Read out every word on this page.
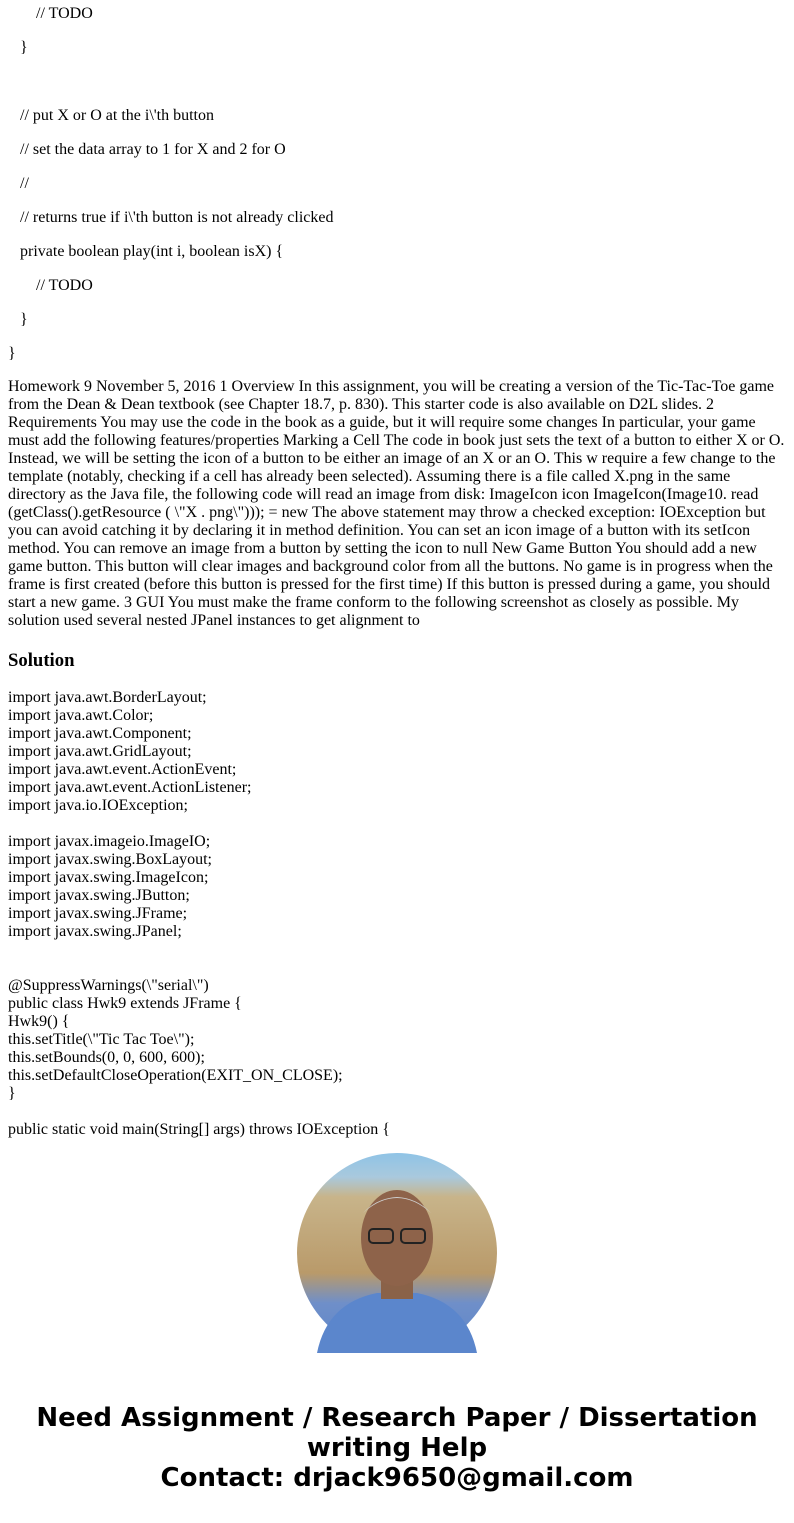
// TODO
}
// put X or O at the i\'th button
// set the data array to 1 for X and 2 for O
//
// returns true if i\'th button is not already clicked
private boolean play(int i, boolean isX) {
// TODO
}
}
Homework 9 November 5, 2016 1 Overview In this assignment, you will be creating a version of the Tic-Tac-Toe game from the Dean & Dean textbook (see Chapter 18.7, p. 830). This starter code is also available on D2L slides. 2 Requirements You may use the code in the book as a guide, but it will require some changes In particular, your game must add the following features/properties Marking a Cell The code in book just sets the text of a button to either X or O. Instead, we will be setting the icon of a button to be either an image of an X or an O. This w require a few change to the template (notably, checking if a cell has already been selected). Assuming there is a file called X.png in the same directory as the Java file, the following code will read an image from disk: ImageIcon icon ImageIcon(Image10. read (getClass().getResource ( \"X . png\"))); = new The above statement may throw a checked exception: IOException but you can avoid catching it by declaring it in method definition. You can set an icon image of a button with its setIcon method. You can remove an image from a button by setting the icon to null New Game Button You should add a new game button. This button will clear images and background color from all the buttons. No game is in progress when the frame is first created (before this button is pressed for the first time) If this button is pressed during a game, you should start a new game. 3 GUI You must make the frame conform to the following screenshot as closely as possible. My solution used several nested JPanel instances to get alignment to
Solution
import java.awt.BorderLayout;
import java.awt.Color;
import java.awt.Component;
import java.awt.GridLayout;
import java.awt.event.ActionEvent;
import java.awt.event.ActionListener;
import java.io.IOException;
import javax.imageio.ImageIO;
import javax.swing.BoxLayout;
import javax.swing.ImageIcon;
import javax.swing.JButton;
import javax.swing.JFrame;
import javax.swing.JPanel;
@SuppressWarnings(\"serial\")
public class Hwk9 extends JFrame {
Hwk9() {
this.setTitle(\"Tic Tac Toe\");
this.setBounds(0, 0, 600, 600);
this.setDefaultCloseOperation(EXIT_ON_CLOSE);
}
public static void main(String[] args) throws IOException {
Need Assignment / Research Paper / Dissertation
writing Help
Contact: drjack9650@gmail.com
